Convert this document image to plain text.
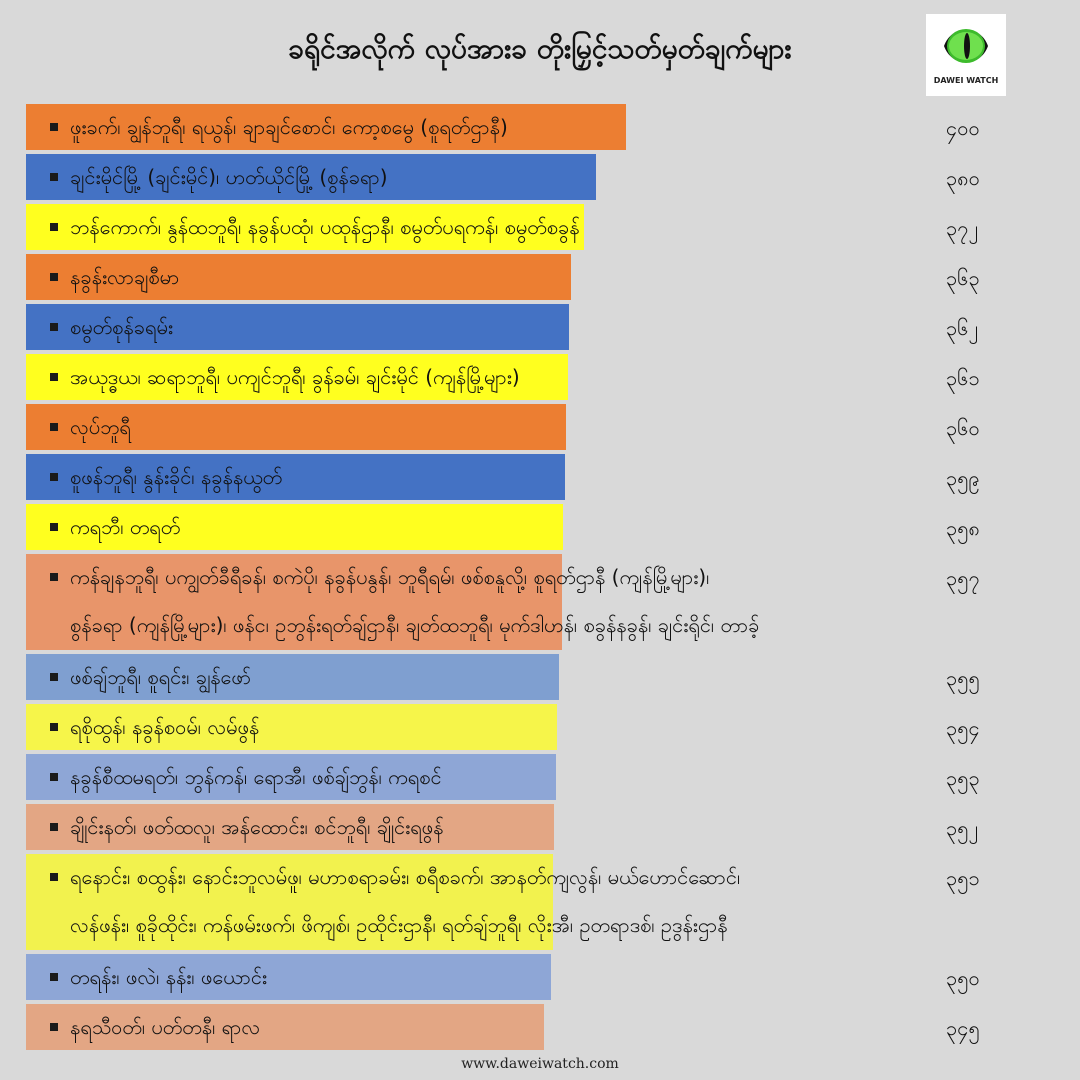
ခရိုင်အလိုက် လုပ်အားခ တိုးမြှင့်သတ်မှတ်ချက်များ
DAWEI WATCH
ဖူးခက်၊ ချွန်ဘူရီ၊ ရယွန်၊ ချာချင်စောင်၊ ကော့စမွေ (စူရတ်ဌာနီ)	၄၀၀
ချင်းမိုင်မြို့ (ချင်းမိုင်)၊ ဟတ်ယိုင်မြို့ (စွန်ခရာ)	၃၈၀
ဘန်ကောက်၊ နွန်ထဘူရီ၊ နခွန်ပထုံ၊ ပထုန်ဌာနီ၊ စမွတ်ပရကန်၊ စမွတ်စခွန်	၃၇၂
နခွန်းလာချစီမာ	၃၆၃
စမွတ်စုန်ခရမ်း	၃၆၂
အယုဒ္ဓယ၊ ဆရာဘူရီ၊ ပကျင်ဘူရီ၊ ခွန်ခမ်၊ ချင်းမိုင် (ကျန်မြို့များ)	၃၆၁
လုပ်ဘူရီ	၃၆၀
စူဖန်ဘူရီ၊ နွန်းခိုင်၊ နခွန်နယွတ်	၃၅၉
ကရဘီ၊ တရတ်	၃၅၈
ကန်ချနဘူရီ၊ ပကျွတ်ခီရီခန်၊ စကဲပို၊ နခွန်ပနွန်၊ ဘူရီရမ်၊ ဖစ်စနူလို့၊ စူရတ်ဌာနီ (ကျန်မြို့များ)၊
စွန်ခရာ (ကျန်မြို့များ)၊ ဖန်င၊ ဥဘွန်းရတ်ချ်ဌာနီ၊ ချတ်ထဘူရီ၊ မုက်ဒါဟန်၊ စခွန်နခွန်၊ ချင်းရိုင်၊ တာခ့်
၃၅၇
ဖစ်ချ်ဘူရီ၊ စူရင်း၊ ချွန်ဖော်	၃၅၅
ရစိုထွန်၊ နခွန်စဝမ်၊ လမ်ဖွန်	၃၅၄
နခွန်စီထမရတ်၊ ဘွန်ကန်၊ ရောအီ၊ ဖစ်ချ်ဘွန်၊ ကရစင်	၃၅၃
ချိုင်းနတ်၊ ဖတ်ထလူ၊ အန်ထောင်း၊ စင်ဘူရီ၊ ချိုင်းရဖွန်	၃၅၂
ရနောင်း၊ စထွန်း၊ နောင်းဘူလမ်ဖူ၊ မဟာစရာခမ်း၊ စရီစခက်၊ အာနတ်ကျလွန်၊ မယ်ဟောင်ဆောင်၊
လန်ဖန်း၊ စူခိုထိုင်း၊ ကန်ဖမ်းဖက်၊ ဖိကျစ်၊ ဥထိုင်းဌာနီ၊ ရတ်ချ်ဘူရီ၊ လိုးအီ၊ ဥတရာဒစ်၊ ဥဒွန်းဌာနီ
၃၅၁
တရန်း၊ ဖလဲ၊ နန်း၊ ဖယောင်း	၃၅၀
နရသီဝတ်၊ ပတ်တနီ၊ ရာလ	၃၄၅
www.daweiwatch.com
